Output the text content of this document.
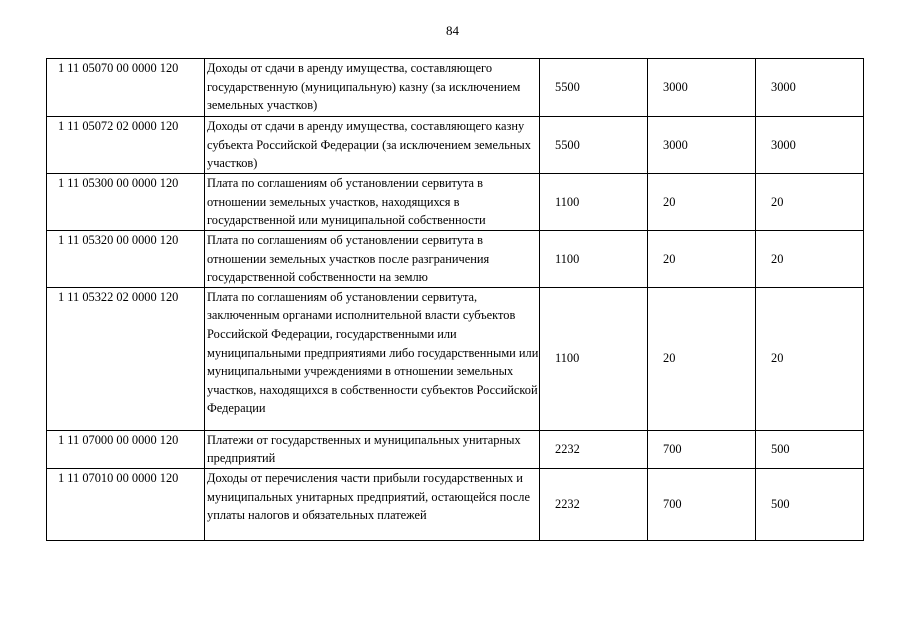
84
1 11 05070 00 0000 120	Доходы от сдачи в аренду имущества, составляющего государственную (муниципальную) казну (за исключением земельных участков)	5500	3000	3000
1 11 05072 02 0000 120	Доходы от сдачи в аренду имущества, составляющего казну субъекта Российской Федерации (за исключением земельных участков)	5500	3000	3000
1 11 05300 00 0000 120	Плата по соглашениям об установлении сервитута в отношении земельных участков, находящихся в государственной или муниципальной собственности	1100	20	20
1 11 05320 00 0000 120	Плата по соглашениям об установлении сервитута в отношении земельных участков после разграничения государственной собственности на землю	1100	20	20
1 11 05322 02 0000 120	Плата по соглашениям об установлении сервитута, заключенным органами исполнительной власти субъектов Российской Федерации, государственными или муниципальными предприятиями либо государственными или муниципальными учреждениями в отношении земельных участков, находящихся в собственности субъектов Российской Федерации	1100	20	20
1 11 07000 00 0000 120	Платежи от государственных и муниципальных унитарных предприятий	2232	700	500
1 11 07010 00 0000 120	Доходы от перечисления части прибыли государственных и муниципальных унитарных предприятий, остающейся после уплаты налогов и обязательных платежей	2232	700	500
